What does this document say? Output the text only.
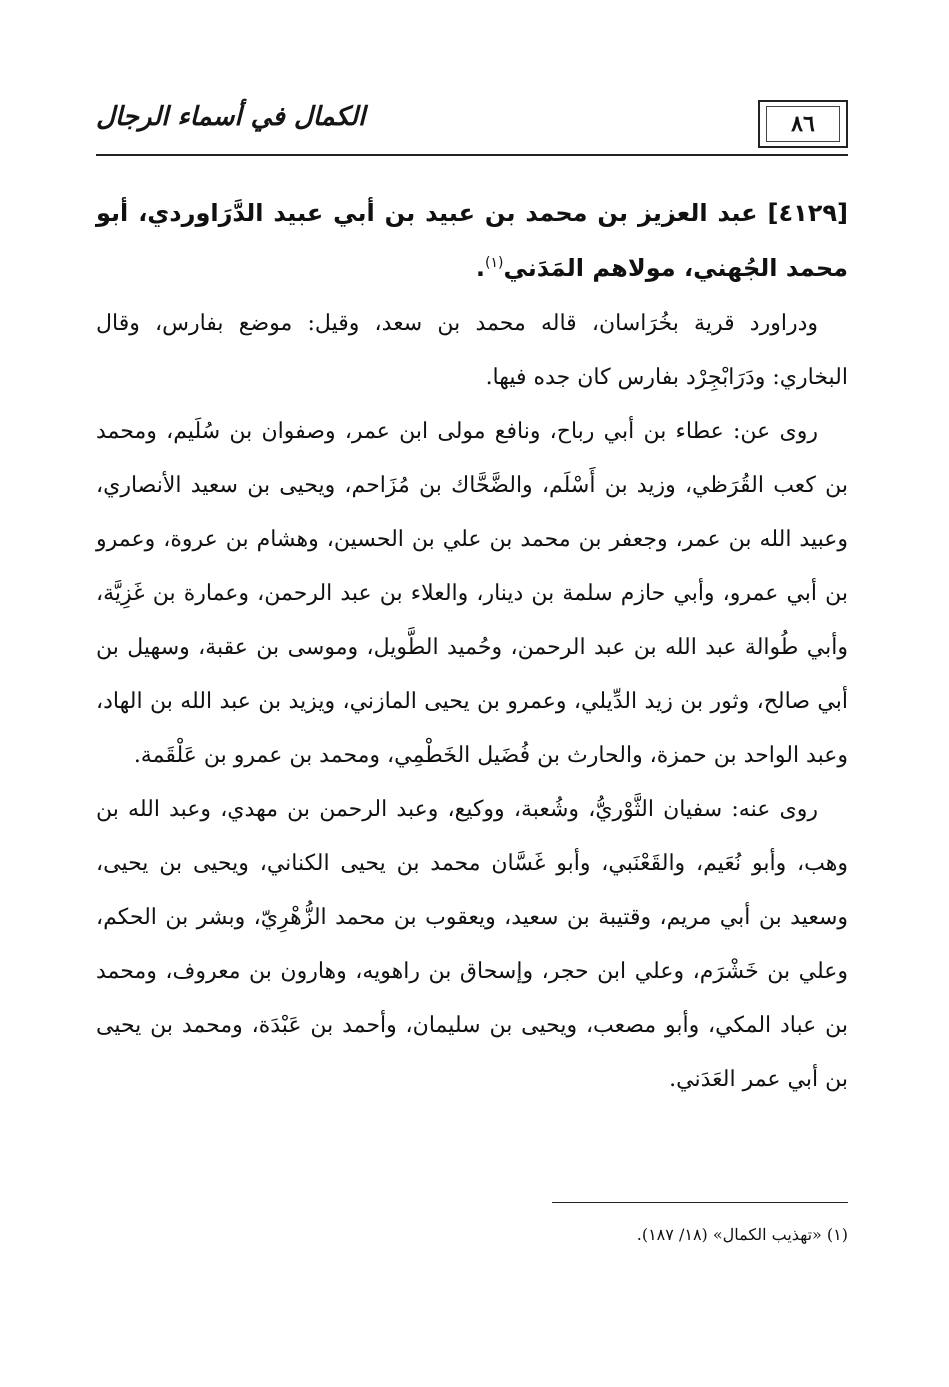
٨٦
الكمال في أسماء الرجال

[٤١٢٩] عبد العزيز بن محمد بن عبيد بن أبي عبيد الدَّرَاوردي، أبو محمد الجُهني، مولاهم المَدَني$^{(١)}$.

ودراورد قرية بخُرَاسان، قاله محمد بن سعد، وقيل: موضع بفارس، وقال البخاري: ودَرَابْجِرْد بفارس كان جده فيها.

روى عن: عطاء بن أبي رباح، ونافع مولى ابن عمر، وصفوان بن سُلَيم، ومحمد بن كعب القُرَظي، وزيد بن أَسْلَم، والضَّحَّاك بن مُزَاحم، ويحيى بن سعيد الأنصاري، وعبيد الله بن عمر، وجعفر بن محمد بن علي بن الحسين، وهشام بن عروة، وعمرو بن أبي عمرو، وأبي حازم سلمة بن دينار، والعلاء بن عبد الرحمن، وعمارة بن غَزِيَّة، وأبي طُوالة عبد الله بن عبد الرحمن، وحُميد الطَّويل، وموسى بن عقبة، وسهيل بن أبي صالح، وثور بن زيد الدِّيلي، وعمرو بن يحيى المازني، ويزيد بن عبد الله بن الهاد، وعبد الواحد بن حمزة، والحارث بن فُضَيل الخَطْمِي، ومحمد بن عمرو بن عَلْقَمة.

روى عنه: سفيان الثَّوْريُّ، وشُعبة، ووكيع، وعبد الرحمن بن مهدي، وعبد الله بن وهب، وأبو نُعَيم، والقَعْنَبي، وأبو غَسَّان محمد بن يحيى الكناني، ويحيى بن يحيى، وسعيد بن أبي مريم، وقتيبة بن سعيد، ويعقوب بن محمد الزُّهْرِيّ، وبشر بن الحكم، وعلي بن خَشْرَم، وعلي ابن حجر، وإسحاق بن راهويه، وهارون بن معروف، ومحمد بن عباد المكي، وأبو مصعب، ويحيى بن سليمان، وأحمد بن عَبْدَة، ومحمد بن يحيى بن أبي عمر العَدَني.

(١) «تهذيب الكمال» (١٨/ ١٨٧).
